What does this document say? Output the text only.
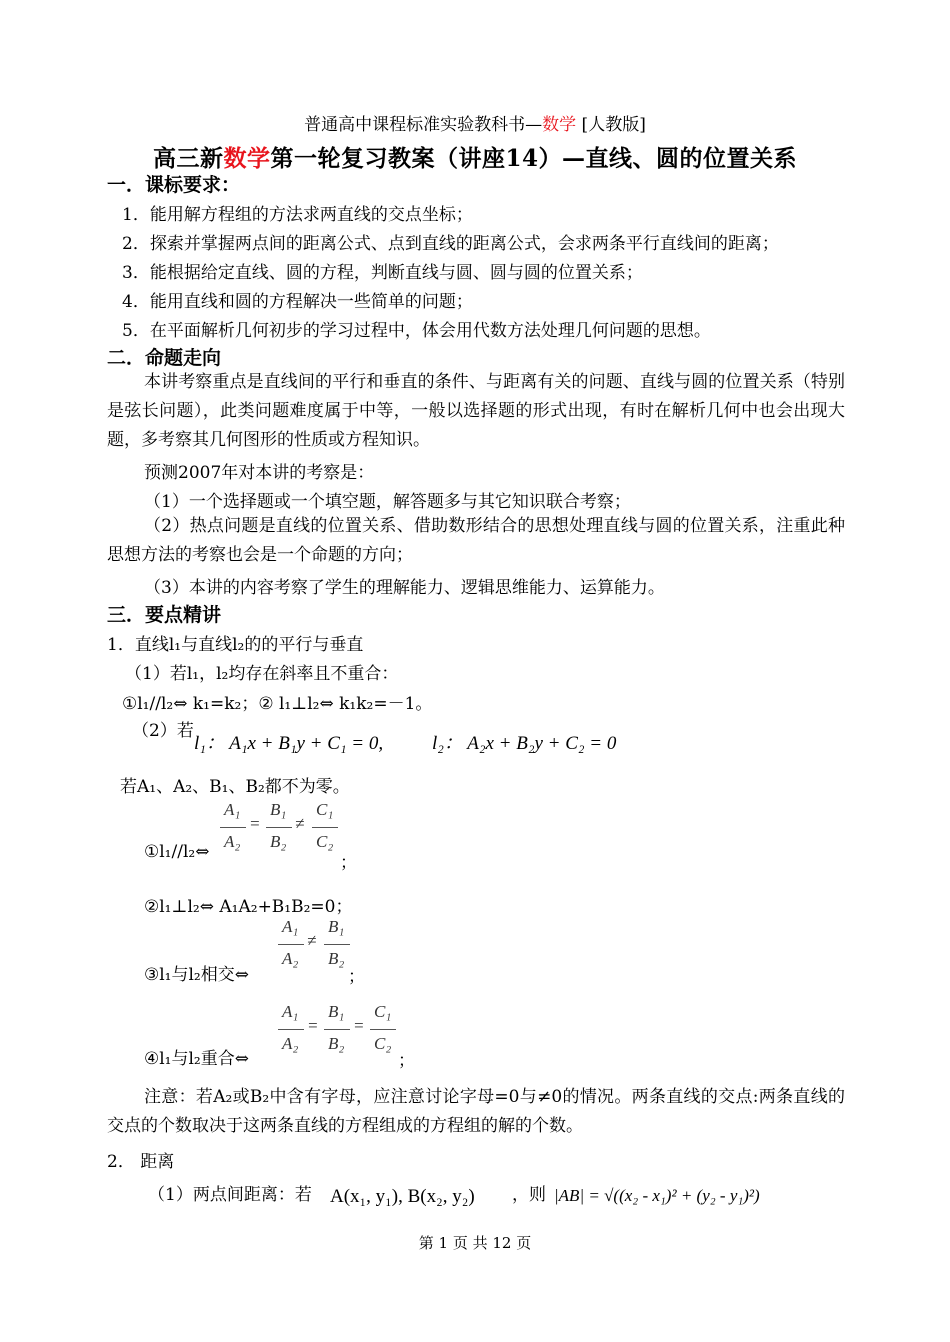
普通高中课程标准实验教科书—数学 [人教版]
高三新数学第一轮复习教案（讲座14）—直线、圆的位置关系
一．课标要求：
1．能用解方程组的方法求两直线的交点坐标；
2．探索并掌握两点间的距离公式、点到直线的距离公式，会求两条平行直线间的距离；
3．能根据给定直线、圆的方程，判断直线与圆、圆与圆的位置关系；
4．能用直线和圆的方程解决一些简单的问题；
5．在平面解析几何初步的学习过程中，体会用代数方法处理几何问题的思想。
二．命题走向
本讲考察重点是直线间的平行和垂直的条件、与距离有关的问题、直线与圆的位置关系（特别是弦长问题），此类问题难度属于中等，一般以选择题的形式出现，有时在解析几何中也会出现大题，多考察其几何图形的性质或方程知识。
预测2007年对本讲的考察是：
（1）一个选择题或一个填空题，解答题多与其它知识联合考察；
（2）热点问题是直线的位置关系、借助数形结合的思想处理直线与圆的位置关系，注重此种思想方法的考察也会是一个命题的方向；
（3）本讲的内容考察了学生的理解能力、逻辑思维能力、运算能力。
三．要点精讲
1．直线l₁与直线l₂的的平行与垂直
（1）若l₁，l₂均存在斜率且不重合：
①l₁//l₂⇔ k₁=k₂；② l₁⊥l₂⇔ k₁k₂=－1。
（2）若
l₁： A₁x + B₁y + C₁ = 0,	l₂： A₂x + B₂y + C₂ = 0
若A₁、A₂、B₁、B₂都不为零。
①l₁//l₂⇔
A₁
A₂
=
B₁
B₂
≠
C₁
C₂
；
②l₁⊥l₂⇔ A₁A₂+B₁B₂=0；
③l₁与l₂相交⇔
A₁
A₂
≠
B₁
B₂
；
④l₁与l₂重合⇔
A₁
A₂
=
B₁
B₂
=
C₁
C₂
；
注意：若A₂或B₂中含有字母，应注意讨论字母=0与≠0的情况。两条直线的交点:两条直线的交点的个数取决于这两条直线的方程组成的方程组的解的个数。
2． 距离
（1）两点间距离：若 A(x₁, y₁), B(x₂, y₂) ，则 |AB| = √((x₂ - x₁)² + (y₂ - y₁)²)
第 1 页 共 12 页
